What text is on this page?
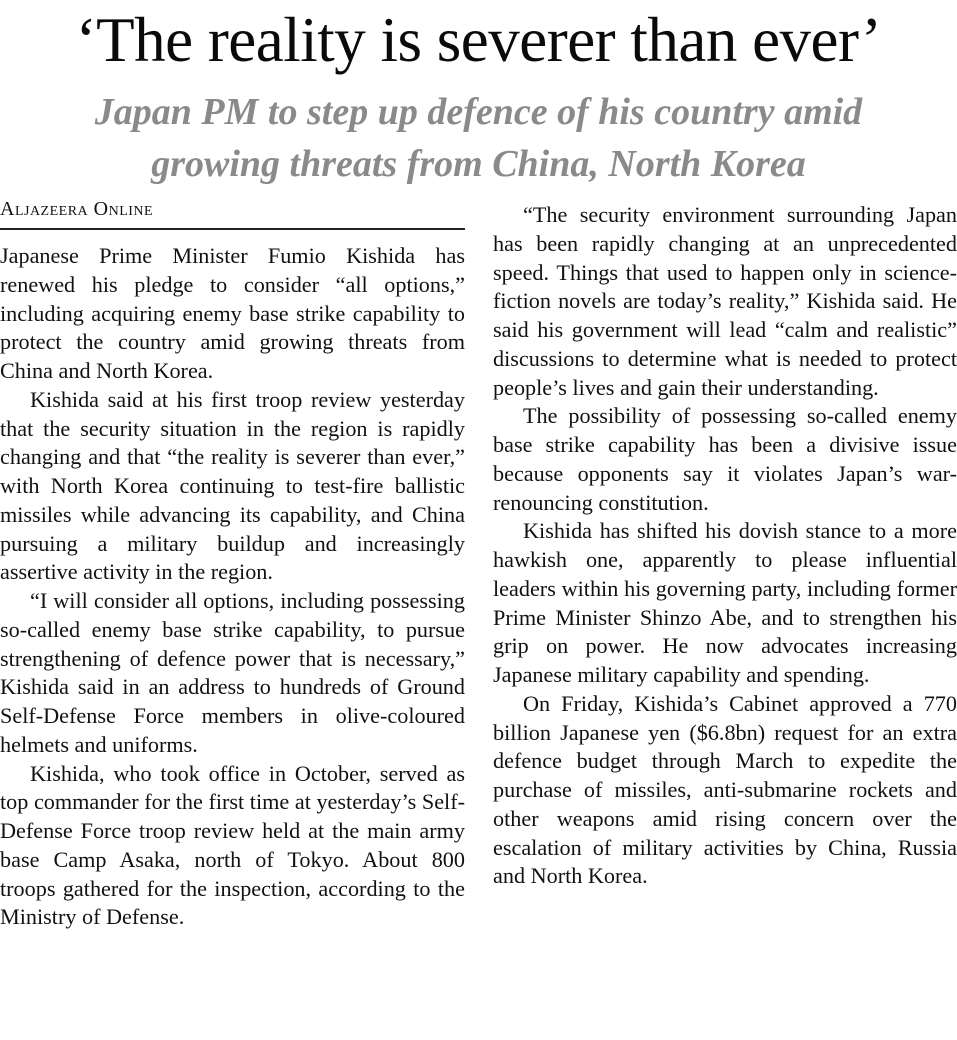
‘The reality is severer than ever’
Japan PM to step up defence of his country amid
growing threats from China, North Korea
Aljazeera Online

Japanese Prime Minister Fumio Kishida has renewed his pledge to consider “all options,” including acquiring enemy base strike capability to protect the country amid growing threats from China and North Korea.

Kishida said at his first troop review yesterday that the security situation in the region is rapidly changing and that “the reality is severer than ever,” with North Korea continuing to test-fire ballistic missiles while advancing its capability, and China pursuing a military buildup and increasingly assertive activity in the region.

“I will consider all options, including possessing so-called enemy base strike capability, to pursue strengthening of defence power that is necessary,” Kishida said in an address to hundreds of Ground Self-Defense Force members in olive-coloured helmets and uniforms.

Kishida, who took office in October, served as top commander for the first time at yesterday’s Self-Defense Force troop review held at the main army base Camp Asaka, north of Tokyo. About 800 troops gathered for the inspection, according to the Ministry of Defense.

“The security environment surrounding Japan has been rapidly changing at an unprecedented speed. Things that used to happen only in science-fiction novels are today’s reality,” Kishida said. He said his government will lead “calm and realistic” discussions to determine what is needed to protect people’s lives and gain their understanding.

The possibility of possessing so-called enemy base strike capability has been a divisive issue because opponents say it violates Japan’s war-renouncing constitution.

Kishida has shifted his dovish stance to a more hawkish one, apparently to please influential leaders within his governing party, including former Prime Minister Shinzo Abe, and to strengthen his grip on power. He now advocates increasing Japanese military capability and spending.

On Friday, Kishida’s Cabinet approved a 770 billion Japanese yen ($6.8bn) request for an extra defence budget through March to expedite the purchase of missiles, anti-submarine rockets and other weapons amid rising concern over the escalation of military activities by China, Russia and North Korea.
